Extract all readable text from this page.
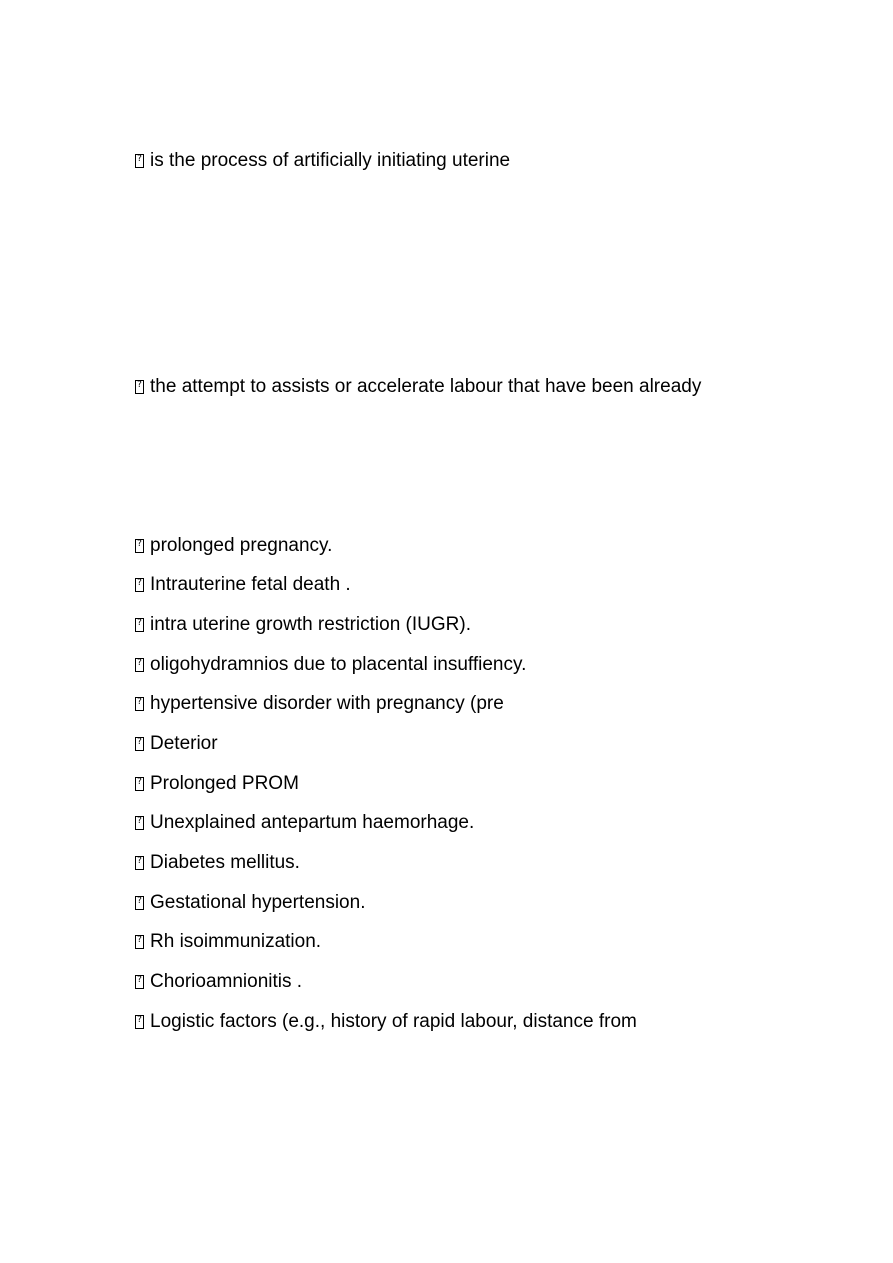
?
is the process of artificially initiating uterine
?
the attempt to assists or accelerate labour that have been already
?
prolonged pregnancy.
?
Intrauterine fetal death .
?
intra uterine growth restriction (IUGR).
?
oligohydramnios due to placental insuffiency.
?
hypertensive disorder with pregnancy (pre
?
Deterior
?
Prolonged PROM
?
Unexplained antepartum haemorhage.
?
Diabetes mellitus.
?
Gestational hypertension.
?
Rh isoimmunization.
?
Chorioamnionitis .
?
Logistic factors (e.g., history of rapid labour, distance from
